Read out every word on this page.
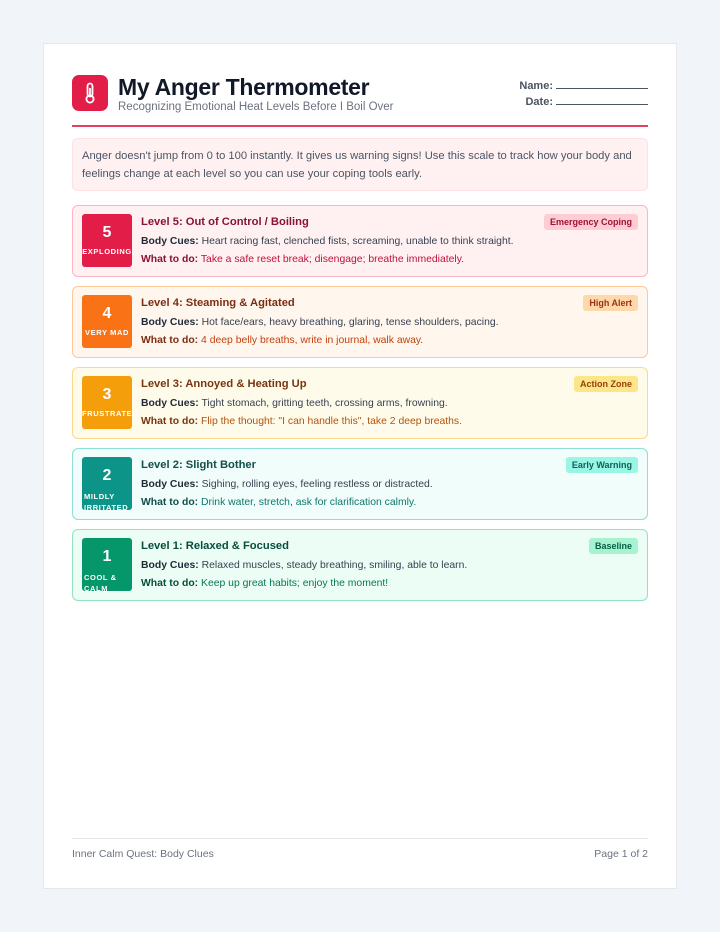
My Anger Thermometer
Recognizing Emotional Heat Levels Before I Boil Over
Name:
Date:
Anger doesn't jump from 0 to 100 instantly. It gives us warning signs! Use this scale to track how your body and feelings change at each level so you can use your coping tools early.
5
EXPLODING
Level 5: Out of Control / Boiling	Emergency Coping
Body Cues: Heart racing fast, clenched fists, screaming, unable to think straight.
What to do: Take a safe reset break; disengage; breathe immediately.
4
VERY MAD
Level 4: Steaming & Agitated	High Alert
Body Cues: Hot face/ears, heavy breathing, glaring, tense shoulders, pacing.
What to do: 4 deep belly breaths, write in journal, walk away.
3
FRUSTRATED
Level 3: Annoyed & Heating Up	Action Zone
Body Cues: Tight stomach, gritting teeth, crossing arms, frowning.
What to do: Flip the thought: "I can handle this", take 2 deep breaths.
2
MILDLY IRRITATED
Level 2: Slight Bother	Early Warning
Body Cues: Sighing, rolling eyes, feeling restless or distracted.
What to do: Drink water, stretch, ask for clarification calmly.
1
COOL & CALM
Level 1: Relaxed & Focused	Baseline
Body Cues: Relaxed muscles, steady breathing, smiling, able to learn.
What to do: Keep up great habits; enjoy the moment!
Inner Calm Quest: Body Clues	Page 1 of 2
